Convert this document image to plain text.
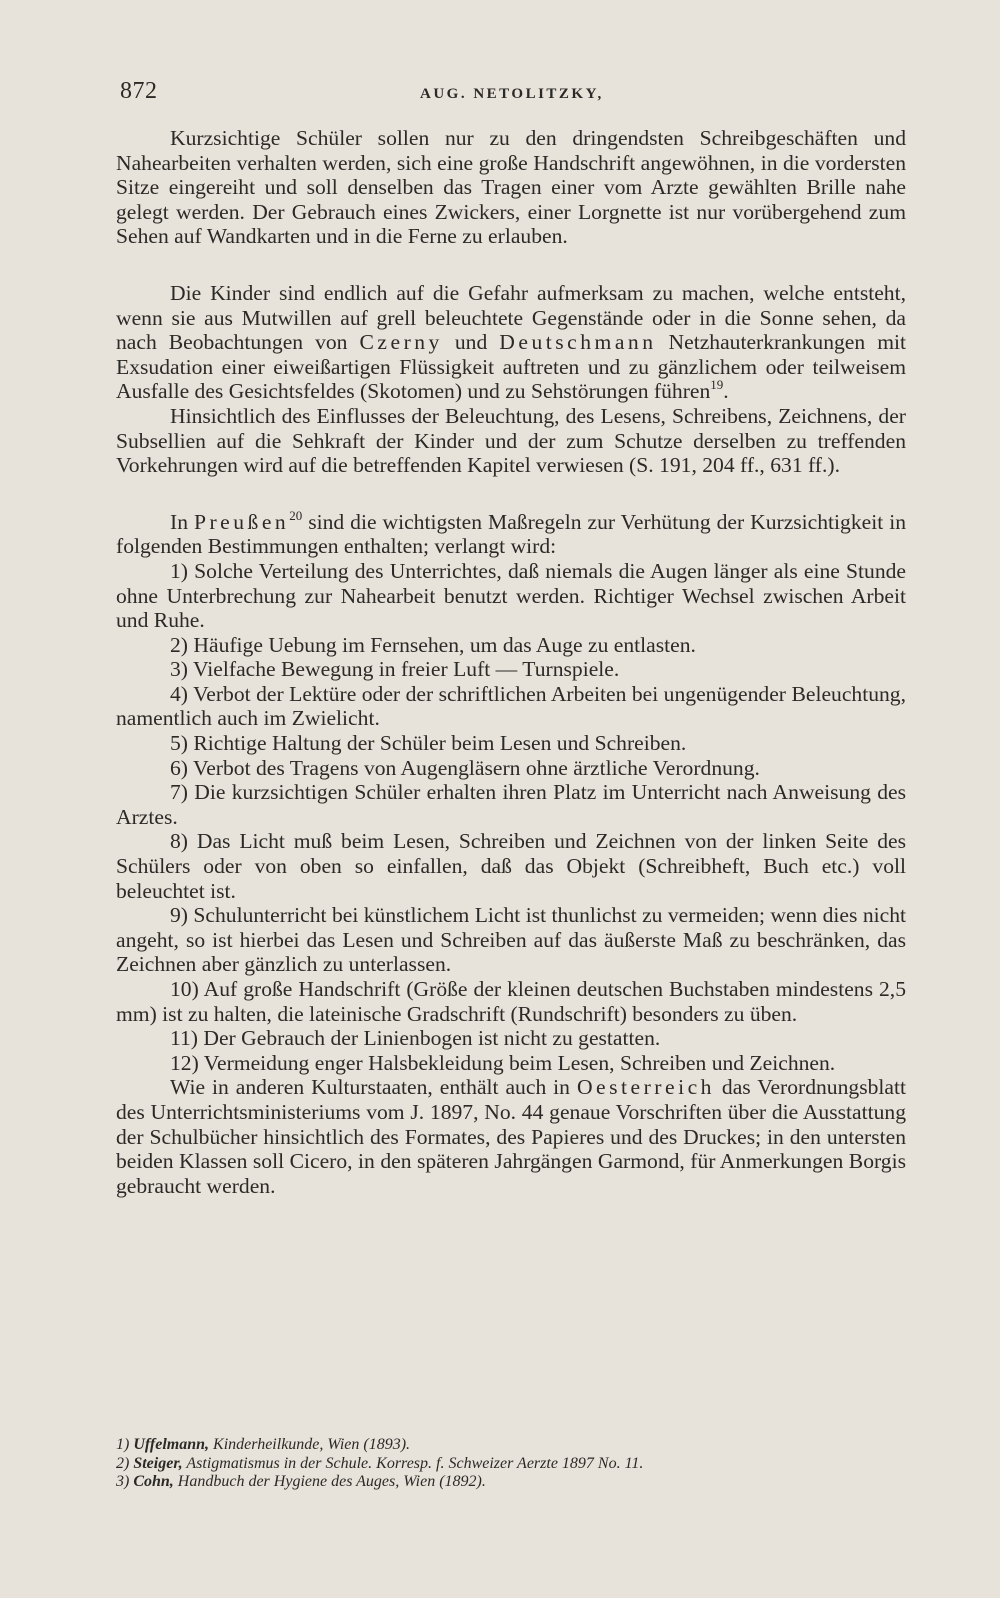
872	AUG. NETOLITZKY,

Kurzsichtige Schüler sollen nur zu den dringendsten Schreibgeschäften und Nahearbeiten verhalten werden, sich eine große Handschrift angewöhnen, in die vordersten Sitze eingereiht und soll denselben das Tragen einer vom Arzte gewählten Brille nahe gelegt werden. Der Gebrauch eines Zwickers, einer Lorgnette ist nur vorübergehend zum Sehen auf Wandkarten und in die Ferne zu erlauben.

Die Kinder sind endlich auf die Gefahr aufmerksam zu machen, welche entsteht, wenn sie aus Mutwillen auf grell beleuchtete Gegenstände oder in die Sonne sehen, da nach Beobachtungen von Czerny und Deutschmann Netzhauterkrankungen mit Exsudation einer eiweißartigen Flüssigkeit auftreten und zu gänzlichem oder teilweisem Ausfalle des Gesichtsfeldes (Skotomen) und zu Sehstörungen führen$^{19}$.

Hinsichtlich des Einflusses der Beleuchtung, des Lesens, Schreibens, Zeichnens, der Subsellien auf die Sehkraft der Kinder und der zum Schutze derselben zu treffenden Vorkehrungen wird auf die betreffenden Kapitel verwiesen (S. 191, 204 ff., 631 ff.).

In Preußen$^{20}$ sind die wichtigsten Maßregeln zur Verhütung der Kurzsichtigkeit in folgenden Bestimmungen enthalten; verlangt wird:

1) Solche Verteilung des Unterrichtes, daß niemals die Augen länger als eine Stunde ohne Unterbrechung zur Nahearbeit benutzt werden. Richtiger Wechsel zwischen Arbeit und Ruhe.
2) Häufige Uebung im Fernsehen, um das Auge zu entlasten.
3) Vielfache Bewegung in freier Luft — Turnspiele.
4) Verbot der Lektüre oder der schriftlichen Arbeiten bei ungenügender Beleuchtung, namentlich auch im Zwielicht.
5) Richtige Haltung der Schüler beim Lesen und Schreiben.
6) Verbot des Tragens von Augengläsern ohne ärztliche Verordnung.
7) Die kurzsichtigen Schüler erhalten ihren Platz im Unterricht nach Anweisung des Arztes.
8) Das Licht muß beim Lesen, Schreiben und Zeichnen von der linken Seite des Schülers oder von oben so einfallen, daß das Objekt (Schreibheft, Buch etc.) voll beleuchtet ist.
9) Schulunterricht bei künstlichem Licht ist thunlichst zu vermeiden; wenn dies nicht angeht, so ist hierbei das Lesen und Schreiben auf das äußerste Maß zu beschränken, das Zeichnen aber gänzlich zu unterlassen.
10) Auf große Handschrift (Größe der kleinen deutschen Buchstaben mindestens 2,5 mm) ist zu halten, die lateinische Gradschrift (Rundschrift) besonders zu üben.
11) Der Gebrauch der Linienbogen ist nicht zu gestatten.
12) Vermeidung enger Halsbekleidung beim Lesen, Schreiben und Zeichnen.

Wie in anderen Kulturstaaten, enthält auch in Oesterreich das Verordnungsblatt des Unterrichtsministeriums vom J. 1897, No. 44 genaue Vorschriften über die Ausstattung der Schulbücher hinsichtlich des Formates, des Papieres und des Druckes; in den untersten beiden Klassen soll Cicero, in den späteren Jahrgängen Garmond, für Anmerkungen Borgis gebraucht werden.

1) Uffelmann, Kinderheilkunde, Wien (1893).
2) Steiger, Astigmatismus in der Schule. Korresp. f. Schweizer Aerzte 1897 No. 11.
3) Cohn, Handbuch der Hygiene des Auges, Wien (1892).
